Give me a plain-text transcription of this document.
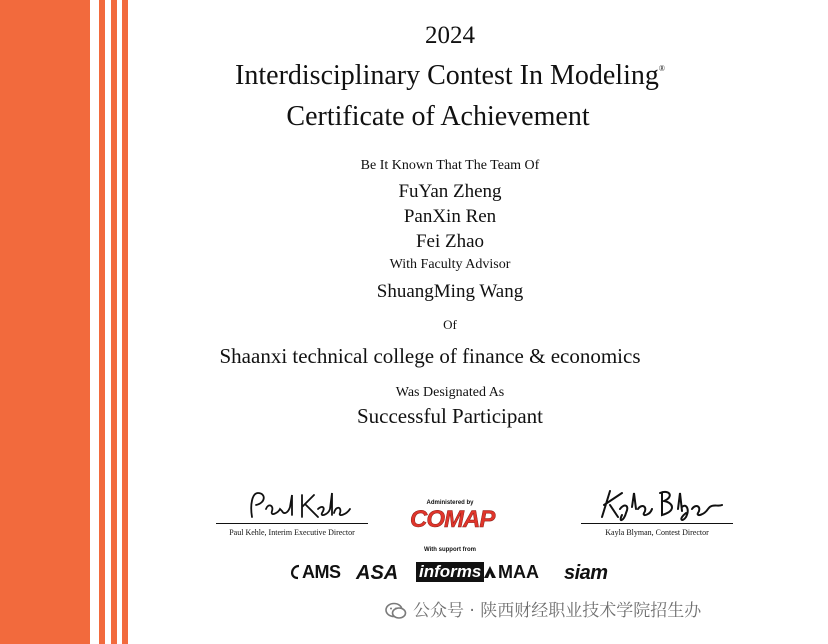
2024
Interdisciplinary Contest In Modeling®
Certificate of Achievement
Be It Known That The Team Of
FuYan Zheng
PanXin Ren
Fei Zhao
With Faculty Advisor
ShuangMing Wang
Of
Shaanxi technical college of finance & economics
Was Designated As
Successful Participant
Paul Kehle, Interim Executive Director	Kayla Blyman, Contest Director
Administered by
COMAP
With support from
AMS ASA informs MAA siam
公众号 · 陕西财经职业技术学院招生办
